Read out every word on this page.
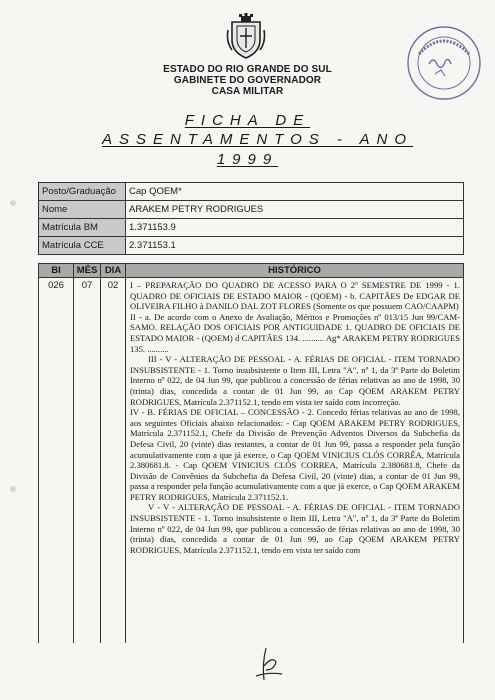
ESTADO DO RIO GRANDE DO SUL
GABINETE DO GOVERNADOR
CASA MILITAR
FICHA DE
ASSENTAMENTOS - ANO
1999
Posto/Graduação	Cap QOEM*
Nome	ARAKEM PETRY RODRIGUES
Matrícula BM	1.371153.9
Matrícula CCE	2.371153.1
BI	MÊS	DIA	HISTÓRICO
026	07	02	I – PREPARAÇÃO DO QUADRO DE ACESSO PARA O 2º SEMESTRE DE 1999 - 1. QUADRO DE OFICIAIS DE ESTADO MAIOR - (QOEM) - b. CAPITÃES De EDGAR DE OLIVEIRA FILHO à DANILO DAL ZOT FLORES (Somente os que possuem CAO/CAAPM)

II - a. De acordo com o Anexo de Avaliação, Méritos e Promoções nº 013/15 Jun 99/CAM-SAMO. RELAÇÃO DOS OFICIAIS POR ANTIGUIDADE 1. QUADRO DE OFICIAIS DE ESTADO MAIOR - (QOEM) d CAPITÃES 134. .......... Ag* ARAKEM PETRY RODRIGUES 135. ..........

III - V - ALTERAÇÃO DE PESSOAL - A. FÉRIAS DE OFICIAL - ITEM TORNADO INSUBSISTENTE - 1. Torno insubsistente o Item III, Letra "A", nº 1, da 3ª Parte do Boletim Interno nº 022, de 04 Jun 99, que publicou a concessão de férias relativas ao ano de 1998, 30 (trinta) dias, concedida a contar de 01 Jun 99, ao Cap QOEM ARAKEM PETRY RODRIGUES, Matrícula 2.371152.1, tendo em vista ter saído com incorreção.

IV - B. FÉRIAS DE OFICIAL – CONCESSÃO - 2. Concedo férias relativas ao ano de 1998, aos seguintes Oficiais abaixo relacionados: - Cap QOEM ARAKEM PETRY RODRIGUES, Matrícula 2.371152.1, Chefe da Divisão de Prevenção Adventos Diversos da Subchefia da Defesa Civil, 20 (vinte) dias restantes, a contar de 01 Jun 99, passa a responder pela função acumulativamente com a que já exerce, o Cap QOEM VINICIUS CLÓS CORRÊA, Matrícula 2.380681.8. - Cap QOEM VINICIUS CLÓS CORREA, Matrícula 2.380681.8, Chefe da Divisão de Convênios da Subchefia da Defesa Civil, 20 (vinte) dias, a contar de 01 Jun 99, passa a responder pela função acumulativamente com a que já exerce, o Cap QOEM ARAKEM PETRY RODRIGUES, Matrícula 2.371152.1.

V - V - ALTERAÇÃO DE PESSOAL - A. FÉRIAS DE OFICIAL - ITEM TORNADO INSUBSISTENTE - 1. Torno insubsistente o Item III, Letra "A", nº 1, da 3ª Parte do Boletim Interno nº 022, de 04 Jun 99, que publicou a concessão de férias relativas ao ano de 1998, 30 (trinta) dias, concedida a contar de 01 Jun 99, ao Cap QOEM ARAKEM PETRY RODRIGUES, Matrícula 2.371152.1, tendo em vista ter saído com
